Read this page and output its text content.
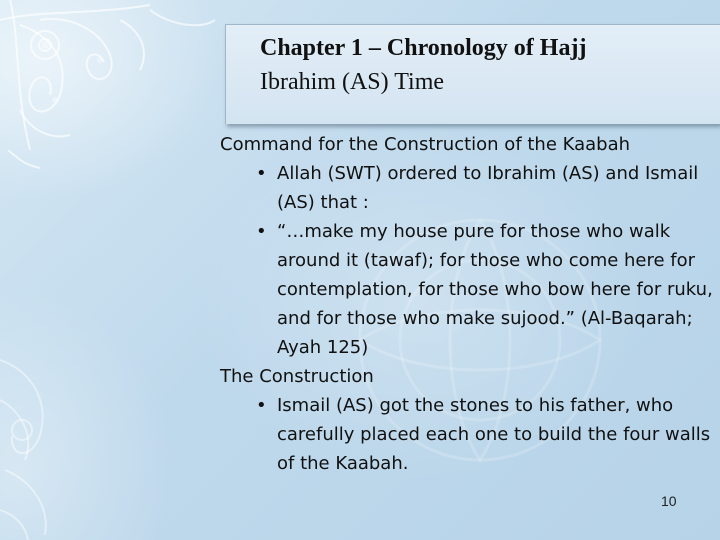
Chapter 1 – Chronology of Hajj
Ibrahim (AS) Time
Command for the Construction of the Kaabah
• Allah (SWT) ordered to Ibrahim (AS) and Ismail (AS) that :
• “…make my house pure for those who walk around it (tawaf); for those who come here for contemplation, for those who bow here for ruku, and for those who make sujood.” (Al-Baqarah; Ayah 125)
The Construction
• Ismail (AS) got the stones to his father, who carefully placed each one to build the four walls of the Kaabah.
10
